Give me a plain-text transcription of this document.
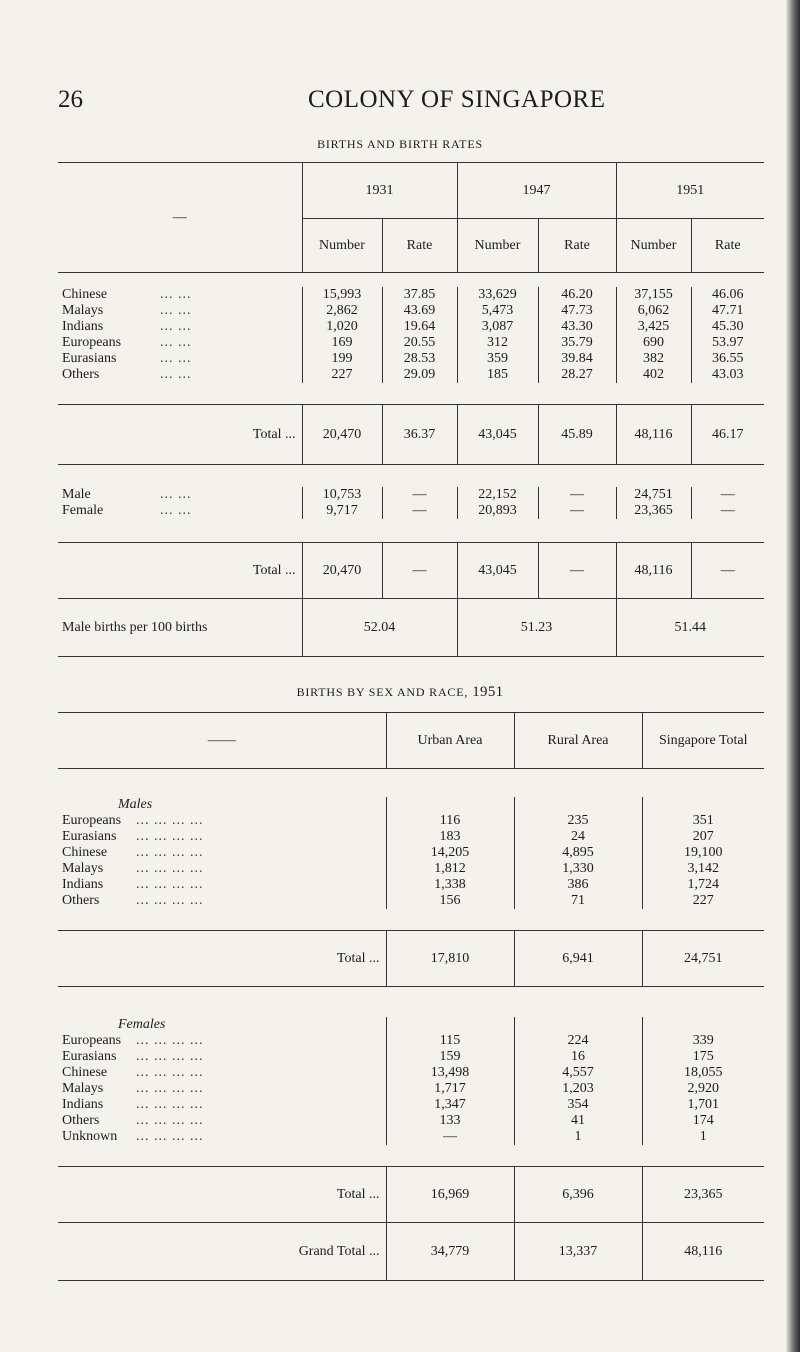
26	COLONY OF SINGAPORE
BIRTHS AND BIRTH RATES
—	1931		1947		1951	
	Number	Rate	Number	Rate	Number	Rate

Chinese ... ...	15,993	37.85	33,629	46.20	37,155	46.06
Malays ... ...	2,862	43.69	5,473	47.73	6,062	47.71
Indians ... ...	1,020	19.64	3,087	43.30	3,425	45.30
Europeans ... ...	169	20.55	312	35.79	690	53.97
Eurasians ... ...	199	28.53	359	39.84	382	36.55
Others ... ...	227	29.09	185	28.27	402	43.03

Total ...	20,470	36.37	43,045	45.89	48,116	46.17

Male ... ...	10,753	—	22,152	—	24,751	—
Female ... ...	9,717	—	20,893	—	23,365	—

Total ...	20,470	—	43,045	—	48,116	—
Male births per 100 births	52.04		51.23		51.44	
BIRTHS BY SEX AND RACE, 1951
——	Urban Area	Rural Area	Singapore Total

Males			
Europeans ... ... ... ...	116	235	351
Eurasians ... ... ... ...	183	24	207
Chinese ... ... ... ...	14,205	4,895	19,100
Malays ... ... ... ...	1,812	1,330	3,142
Indians ... ... ... ...	1,338	386	1,724
Others ... ... ... ...	156	71	227

Total ...	17,810	6,941	24,751

Females			
Europeans ... ... ... ...	115	224	339
Eurasians ... ... ... ...	159	16	175
Chinese ... ... ... ...	13,498	4,557	18,055
Malays ... ... ... ...	1,717	1,203	2,920
Indians ... ... ... ...	1,347	354	1,701
Others ... ... ... ...	133	41	174
Unknown ... ... ... ...	—	1	1

Total ...	16,969	6,396	23,365
Grand Total ...	34,779	13,337	48,116
